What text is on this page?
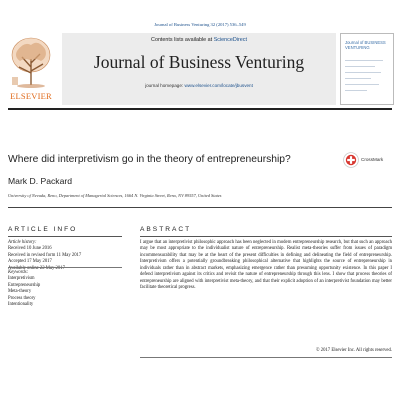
Journal of Business Venturing 32 (2017) 536–549
ELSEVIER
Contents lists available at ScienceDirect
Journal of Business Venturing
journal homepage: www.elsevier.com/locate/jbusvent
Journal of BUSINESS VENTURING
Where did interpretivism go in the theory of entrepreneurship?	CrossMark
Mark D. Packard
University of Nevada, Reno, Department of Managerial Sciences, 1664 N. Virginia Street, Reno, NV 89557, United States
ARTICLE INFO	ABSTRACT
Article history:
Received 10 June 2016
Received in revised form 11 May 2017
Accepted 17 May 2017
Available online 22 May 2017
Keywords:
Interpretivism
Entrepreneurship
Meta-theory
Process theory
Intentionality
I argue that an interpretivist philosophic approach has been neglected in modern entrepreneurship research, but that such an approach may be most appropriate to the individualist nature of entrepreneurship. Realist meta-theories suffer from issues of paradigm incommensurability that may be at the heart of the present difficulties in defining and delineating the field of entrepreneurship. Interpretivism offers a potentially groundbreaking philosophical alternative that highlights the source of entrepreneurship in individuals rather than in abstract markets, emphasizing emergence rather than presuming opportunity existence. In this paper I defend interpretivism against its critics and revisit the nature of entrepreneurship through this lens. I show that process theories of entrepreneurship are aligned with interpretivist meta-theory, and that their explicit adoption of an interpretivist foundation may better facilitate theoretical progress.
© 2017 Elsevier Inc. All rights reserved.
